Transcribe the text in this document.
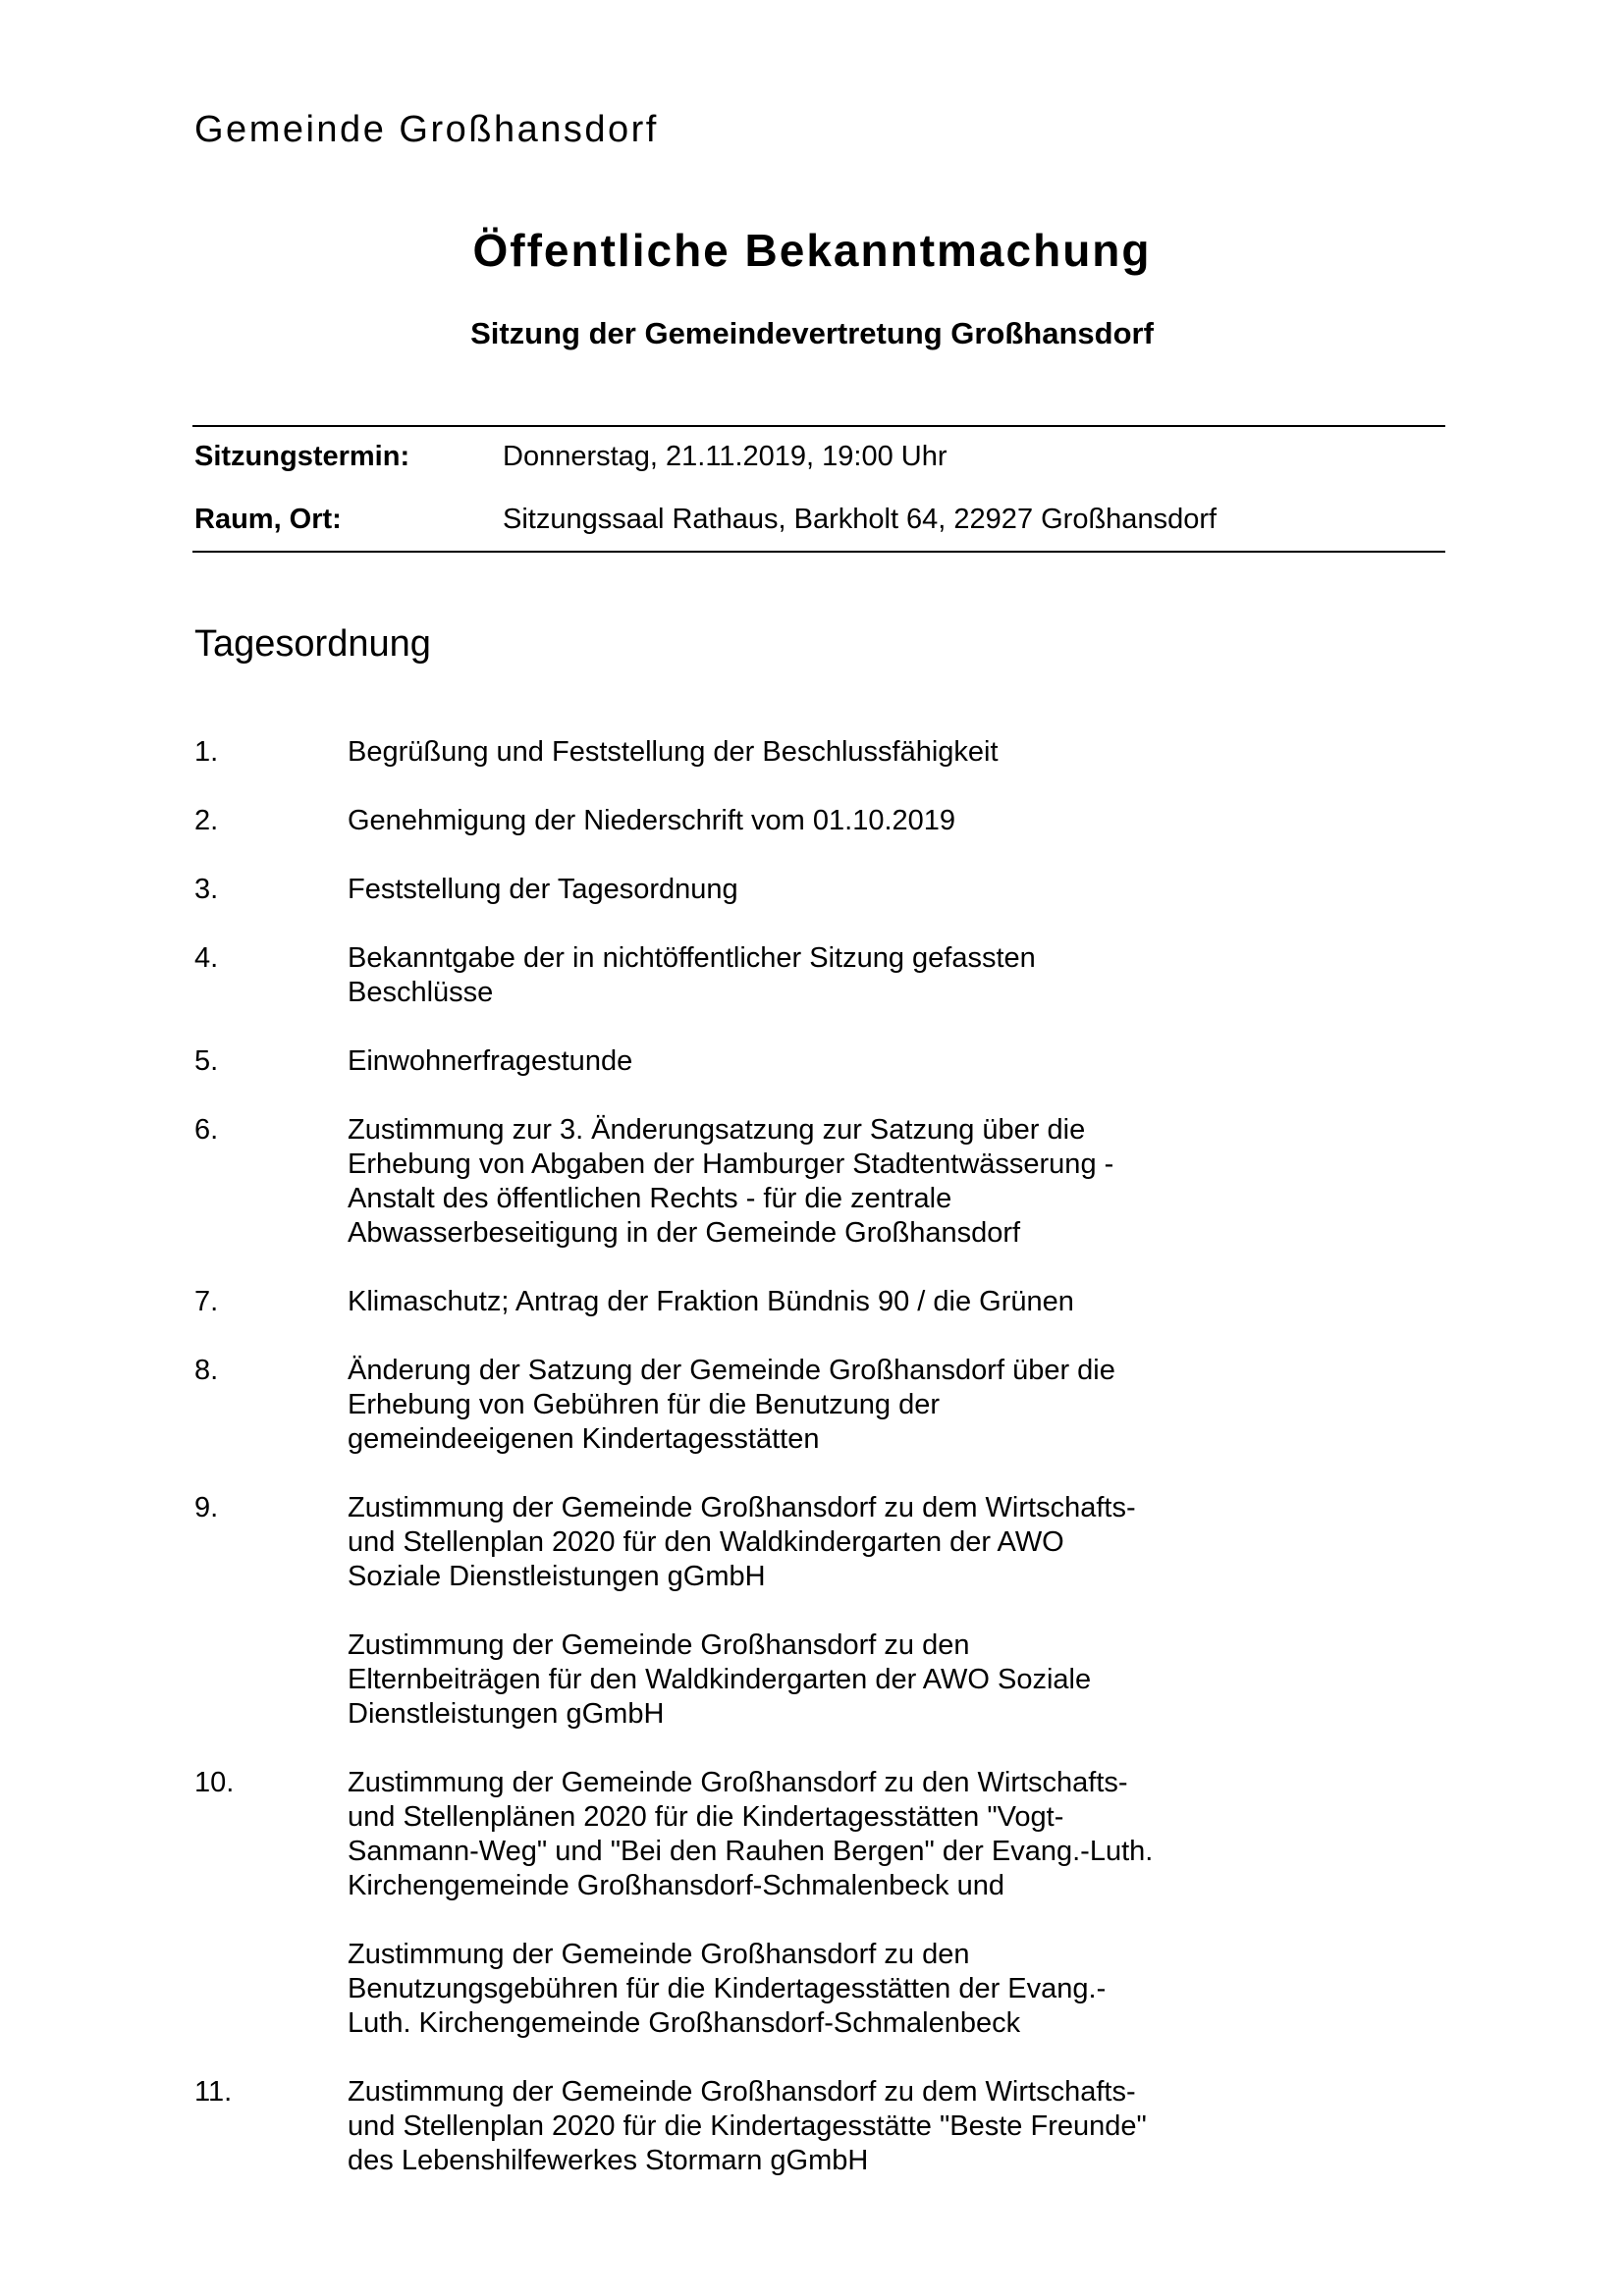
Gemeinde Großhansdorf
Öffentliche Bekanntmachung
Sitzung der Gemeindevertretung Großhansdorf
Sitzungstermin:	Donnerstag, 21.11.2019, 19:00 Uhr
Raum, Ort:	Sitzungssaal Rathaus, Barkholt 64, 22927 Großhansdorf
Tagesordnung
1.	Begrüßung und Feststellung der Beschlussfähigkeit

2.	Genehmigung der Niederschrift vom 01.10.2019

3.	Feststellung der Tagesordnung

4.	Bekanntgabe der in nichtöffentlicher Sitzung gefassten
Beschlüsse

5.	Einwohnerfragestunde

6.	Zustimmung zur 3. Änderungsatzung zur Satzung über die
Erhebung von Abgaben der Hamburger Stadtentwässerung -
Anstalt des öffentlichen Rechts - für die zentrale
Abwasserbeseitigung in der Gemeinde Großhansdorf

7.	Klimaschutz; Antrag der Fraktion Bündnis 90 / die Grünen

8.	Änderung der Satzung der Gemeinde Großhansdorf über die
Erhebung von Gebühren für die Benutzung der
gemeindeeigenen Kindertagesstätten

9.	Zustimmung der Gemeinde Großhansdorf zu dem Wirtschafts-
und Stellenplan 2020 für den Waldkindergarten der AWO
Soziale Dienstleistungen gGmbH

Zustimmung der Gemeinde Großhansdorf zu den
Elternbeiträgen für den Waldkindergarten der AWO Soziale
Dienstleistungen gGmbH

10.	Zustimmung der Gemeinde Großhansdorf zu den Wirtschafts-
und Stellenplänen 2020 für die Kindertagesstätten "Vogt-
Sanmann-Weg" und "Bei den Rauhen Bergen" der Evang.-Luth.
Kirchengemeinde Großhansdorf-Schmalenbeck und

Zustimmung der Gemeinde Großhansdorf zu den
Benutzungsgebühren für die Kindertagesstätten der Evang.-
Luth. Kirchengemeinde Großhansdorf-Schmalenbeck

11.	Zustimmung der Gemeinde Großhansdorf zu dem Wirtschafts-
und Stellenplan 2020 für die Kindertagesstätte "Beste Freunde"
des Lebenshilfewerkes Stormarn gGmbH
